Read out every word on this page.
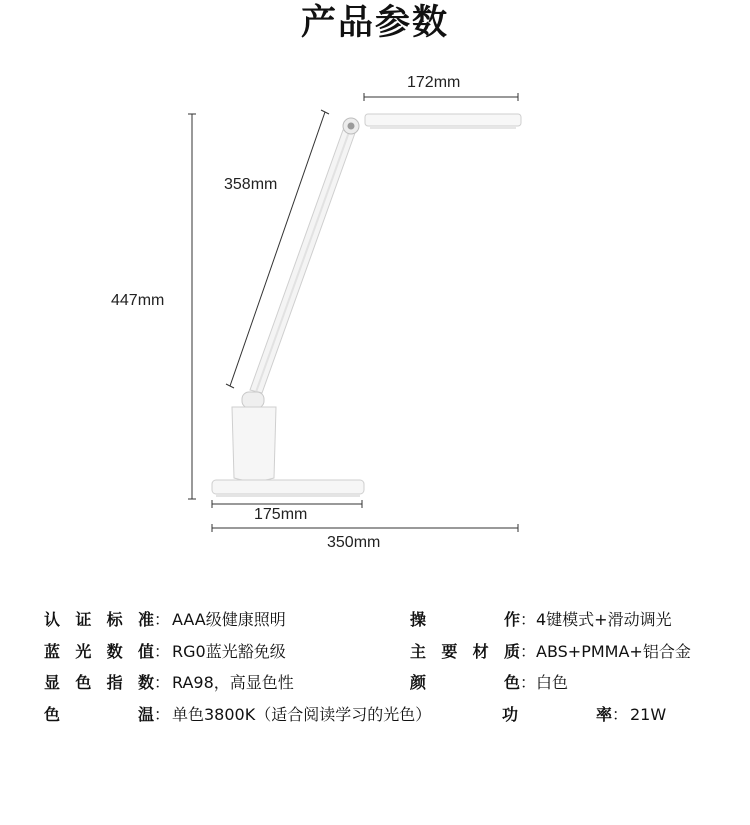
产品参数
172mm
358mm
447mm
175mm
350mm
认 证 标 准 ： AAA级健康照明	操	作 ： 4键模式+滑动调光
蓝 光 数 值 ： RG0蓝光豁免级	主 要 材 质 ： ABS+PMMA+铝合金
显 色 指 数 ： RA98，高显色性	颜	色 ： 白色
色	温 ： 单色3800K（适合阅读学习的光色）	功	率 ： 21W
